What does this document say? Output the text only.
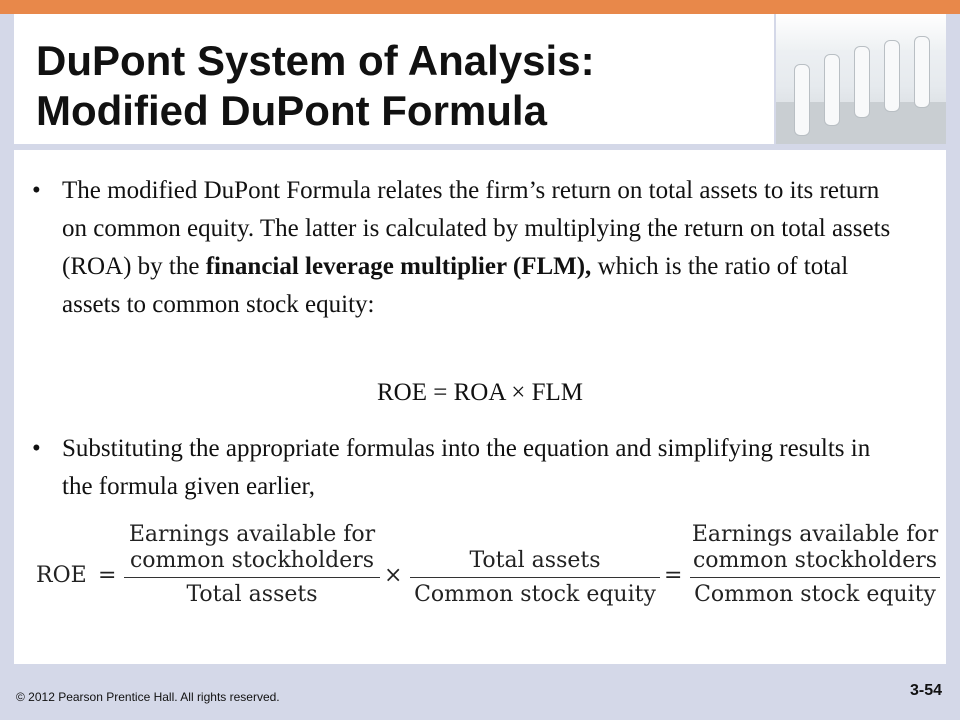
DuPont System of Analysis:
Modified DuPont Formula
• The modified DuPont Formula relates the firm’s return on total assets to its return on common equity. The latter is calculated by multiplying the return on total assets (ROA) by the financial leverage multiplier (FLM), which is the ratio of total assets to common stock equity:
ROE = ROA × FLM
• Substituting the appropriate formulas into the equation and simplifying results in the formula given earlier,
ROE =
Earnings available for
common stockholders
Total assets
×
Total assets
Common stock equity
=
Earnings available for
common stockholders
Common stock equity
© 2012 Pearson Prentice Hall. All rights reserved.	3-54
